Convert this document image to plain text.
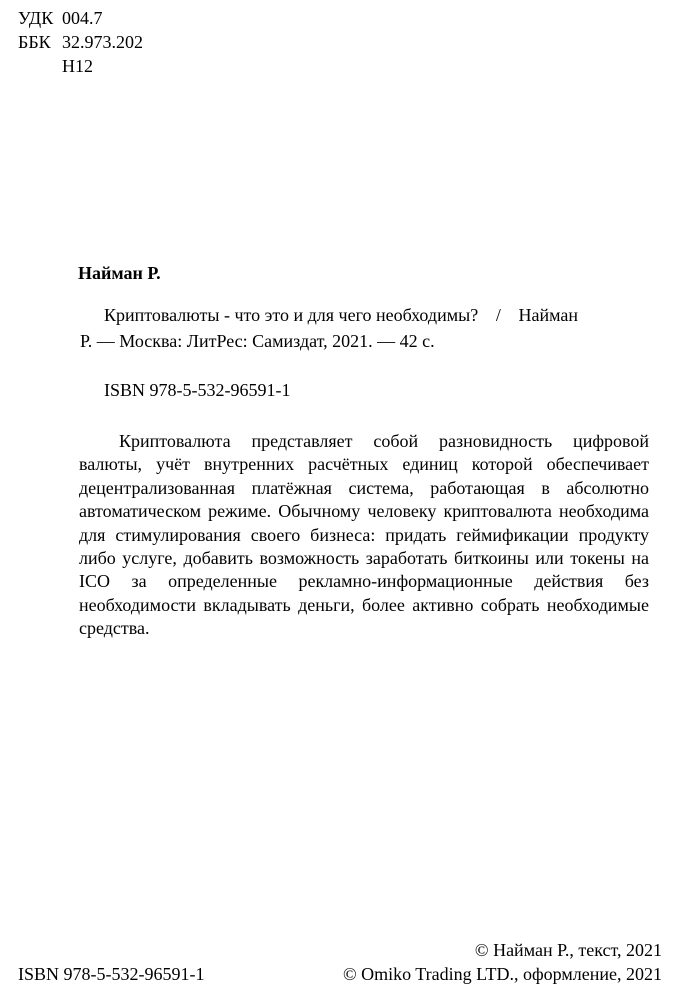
УДК 004.7
ББК 32.973.202
Н12
Найман Р.
Криптовалюты - что это и для чего необходимы? / Найман
Р. — Москва: ЛитРес: Самиздат, 2021. — 42 с.
ISBN 978-5-532-96591-1
Криптовалюта представляет собой разновидность цифровой валюты, учёт внутренних расчётных единиц которой обеспечивает децентрализованная платёжная система, работающая в абсолютно автоматическом режиме. Обычному человеку криптовалюта необходима для стимулирования своего бизнеса: придать геймификации продукту либо услуге, добавить возможность заработать биткоины или токены на ICO за определенные рекламно-информационные действия без необходимости вкладывать деньги, более активно собрать необходимые средства.
ISBN 978-5-532-96591-1
© Найман Р., текст, 2021
© Omiko Trading LTD., оформление, 2021
